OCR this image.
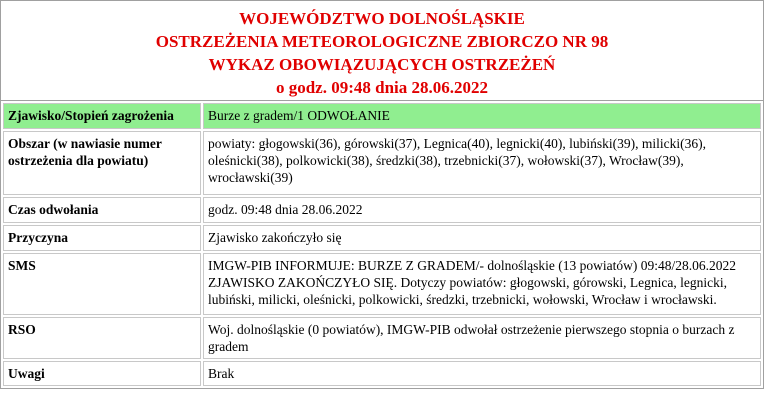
WOJEWÓDZTWO DOLNOŚLĄSKIE
OSTRZEŻENIA METEOROLOGICZNE ZBIORCZO NR 98
WYKAZ OBOWIĄZUJĄCYCH OSTRZEŻEŃ
o godz. 09:48 dnia 28.06.2022
Zjawisko/Stopień zagrożenia	Burze z gradem/1 ODWOŁANIE
Obszar (w nawiasie numer ostrzeżenia dla powiatu)	powiaty: głogowski(36), górowski(37), Legnica(40), legnicki(40), lubiński(39), milicki(36), oleśnicki(38), polkowicki(38), średzki(38), trzebnicki(37), wołowski(37), Wrocław(39), wrocławski(39)
Czas odwołania	godz. 09:48 dnia 28.06.2022
Przyczyna	Zjawisko zakończyło się
SMS	IMGW-PIB INFORMUJE: BURZE Z GRADEM/- dolnośląskie (13 powiatów) 09:48/28.06.2022 ZJAWISKO ZAKOŃCZYŁO SIĘ. Dotyczy powiatów: głogowski, górowski, Legnica, legnicki, lubiński, milicki, oleśnicki, polkowicki, średzki, trzebnicki, wołowski, Wrocław i wrocławski.
RSO	Woj. dolnośląskie (0 powiatów), IMGW-PIB odwołał ostrzeżenie pierwszego stopnia o burzach z gradem
Uwagi	Brak
